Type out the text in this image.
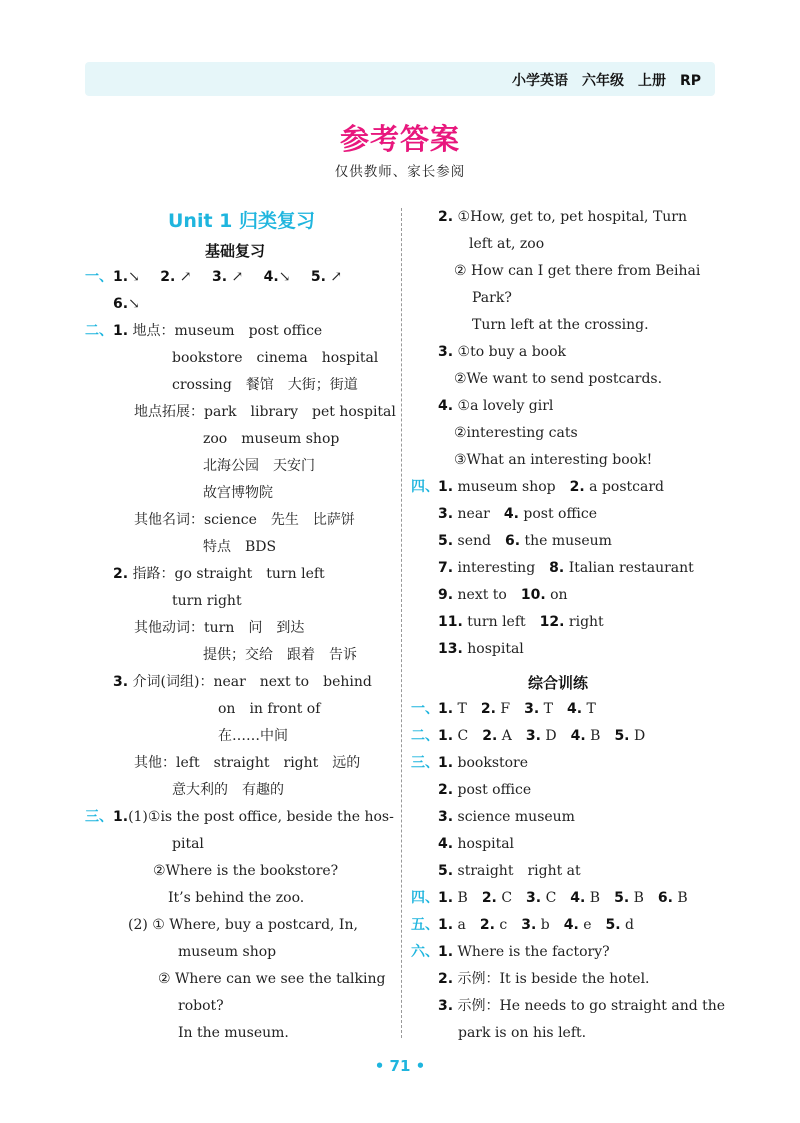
小学英语　六年级　上册　RP
参考答案
仅供教师、家长参阅
Unit 1 归类复习
基础复习
一、 1.↘ 2. ↗ 3. ↗ 4.↘ 5. ↗
6.↘
二、 1. 地点：museum　post office
bookstore　cinema　hospital
crossing　餐馆　大街；街道
地点拓展：park　library　pet hospital
zoo　museum shop
北海公园　天安门
故宫博物院
其他名词：science　先生　比萨饼
特点　BDS
2. 指路：go straight　turn left
turn right
其他动词：turn　问　到达
提供；交给　跟着　告诉
3. 介词(词组)：near　next to　behind
on　in front of
在……中间
其他：left　straight　right　远的
意大利的　有趣的
三、 1.(1)①is the post office, beside the hos-
pital
②Where is the bookstore?
It’s behind the zoo.
(2) ① Where, buy a postcard, In,
museum shop
② Where can we see the talking
robot?
In the museum.
2. ①How, get to, pet hospital, Turn
left at, zoo
② How can I get there from Beihai
Park?
Turn left at the crossing.
3. ①to buy a book
②We want to send postcards.
4. ①a lovely girl
②interesting cats
③What an interesting book!
四、 1. museum shop　 2. a postcard
3. near　 4. post office
5. send　 6. the museum
7. interesting　 8. Italian restaurant
9. next to　 10. on
11. turn left　 12. right
13. hospital
综合训练
一、 1. T　 2. F　 3. T　 4. T
二、 1. C　 2. A　 3. D　 4. B　 5. D
三、 1. bookstore
2. post office
3. science museum
4. hospital
5. straight　right at
四、 1. B　 2. C　 3. C　 4. B　 5. B　 6. B
五、 1. a　 2. c　 3. b　 4. e　 5. d
六、 1. Where is the factory?
2. 示例：It is beside the hotel.
3. 示例：He needs to go straight and the
park is on his left.
• 71 •
